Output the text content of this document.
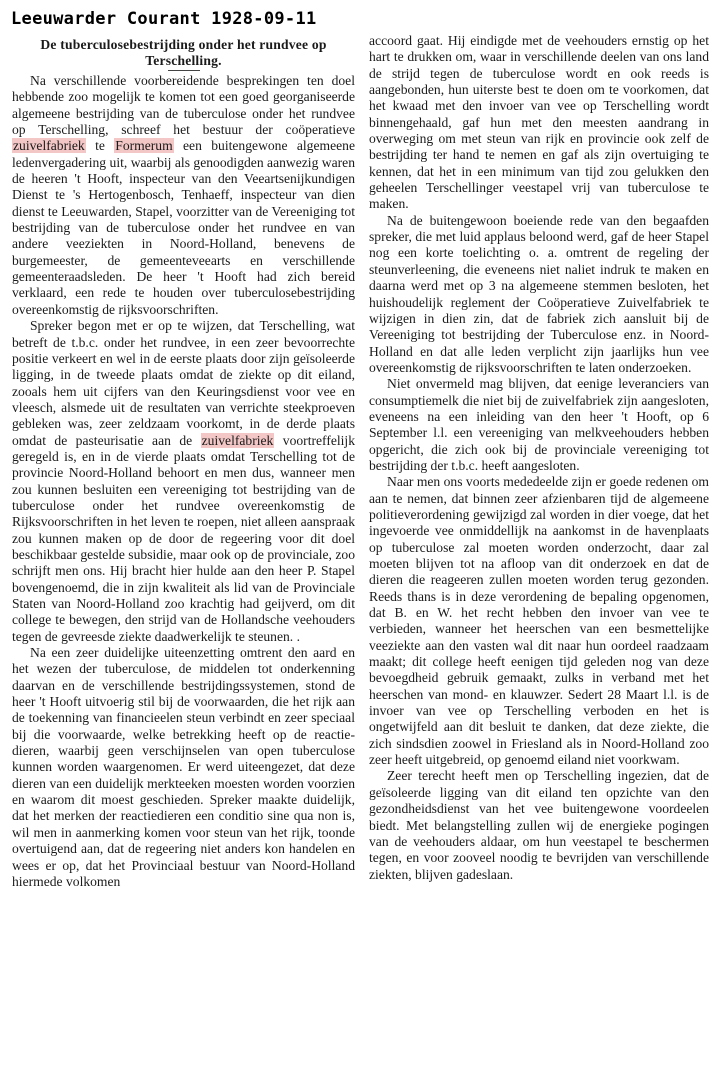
Leeuwarder Courant 1928-09-11
De tuberculosebestrijding onder het rundvee op Terschelling.

Na verschillende voorbereidende besprekingen ten doel hebbende zoo mogelijk te komen tot een goed georganiseerde algemeene bestrijding van de tuberculose onder het rundvee op Terschelling, schreef het bestuur der coöperatieve zuivelfabriek te Formerum een buitengewone algemeene ledenvergadering uit, waarbij als genoodigden aanwezig waren de heeren 't Hooft, inspecteur van den Veeartsenijkundigen Dienst te 's Hertogenbosch, Tenhaeff, inspecteur van dien dienst te Leeuwarden, Stapel, voorzitter van de Vereeniging tot bestrijding van de tuberculose onder het rundvee en van andere veeziekten in Noord-Holland, benevens de burgemeester, de gemeenteveearts en verschillende gemeenteraadsleden. De heer 't Hooft had zich bereid verklaard, een rede te houden over tuberculosebestrijding overeenkomstig de rijksvoorschriften.

Spreker begon met er op te wijzen, dat Terschelling, wat betreft de t.b.c. onder het rundvee, in een zeer bevoorrechte positie verkeert en wel in de eerste plaats door zijn geïsoleerde ligging, in de tweede plaats omdat de ziekte op dit eiland, zooals hem uit cijfers van den Keuringsdienst voor vee en vleesch, alsmede uit de resultaten van verrichte steekproeven gebleken was, zeer zeldzaam voorkomt, in de derde plaats omdat de pasteurisatie aan de zuivelfabriek voortreffelijk geregeld is, en in de vierde plaats omdat Terschelling tot de provincie Noord-Holland behoort en men dus, wanneer men zou kunnen besluiten een vereeniging tot bestrijding van de tuberculose onder het rundvee overeenkomstig de Rijksvoorschriften in het leven te roepen, niet alleen aanspraak zou kunnen maken op de door de regeering voor dit doel beschikbaar gestelde subsidie, maar ook op de provinciale, zoo schrijft men ons. Hij bracht hier hulde aan den heer P. Stapel bovengenoemd, die in zijn kwaliteit als lid van de Provinciale Staten van Noord-Holland zoo krachtig had geijverd, om dit college te bewegen, den strijd van de Hollandsche veehouders tegen de gevreesde ziekte daadwerkelijk te steunen. .

Na een zeer duidelijke uiteenzetting omtrent den aard en het wezen der tuberculose, de middelen tot onderkenning daarvan en de verschillende bestrijdingssystemen, stond de heer 't Hooft uitvoerig stil bij de voorwaarden, die het rijk aan de toekenning van financieelen steun verbindt en zeer speciaal bij die voorwaarde, welke betrekking heeft op de reactie-dieren, waarbij geen verschijnselen van open tuberculose kunnen worden waargenomen. Er werd uiteengezet, dat deze dieren van een duidelijk merkteeken moesten worden voorzien en waarom dit moest geschieden. Spreker maakte duidelijk, dat het merken der reactiedieren een conditio sine qua non is, wil men in aanmerking komen voor steun van het rijk, toonde overtuigend aan, dat de regeering niet anders kon handelen en wees er op, dat het Provinciaal bestuur van Noord-Holland hiermede volkomen

accoord gaat. Hij eindigde met de veehouders ernstig op het hart te drukken om, waar in verschillende deelen van ons land de strijd tegen de tuberculose wordt en ook reeds is aangebonden, hun uiterste best te doen om te voorkomen, dat het kwaad met den invoer van vee op Terschelling wordt binnengehaald, gaf hun met den meesten aandrang in overweging om met steun van rijk en provincie ook zelf de bestrijding ter hand te nemen en gaf als zijn overtuiging te kennen, dat het in een minimum van tijd zou gelukken den geheelen Terschellinger veestapel vrij van tuberculose te maken.

Na de buitengewoon boeiende rede van den begaafden spreker, die met luid applaus beloond werd, gaf de heer Stapel nog een korte toelichting o. a. omtrent de regeling der steunverleening, die eveneens niet naliet indruk te maken en daarna werd met op 3 na algemeene stemmen besloten, het huishoudelijk reglement der Coöperatieve Zuivelfabriek te wijzigen in dien zin, dat de fabriek zich aansluit bij de Vereeniging tot bestrijding der Tuberculose enz. in Noord-Holland en dat alle leden verplicht zijn jaarlijks hun vee overeenkomstig de rijksvoorschriften te laten onderzoeken.

Niet onvermeld mag blijven, dat eenige leveranciers van consumptiemelk die niet bij de zuivelfabriek zijn aangesloten, eveneens na een inleiding van den heer 't Hooft, op 6 September l.l. een vereeniging van melkveehouders hebben opgericht, die zich ook bij de provinciale vereeniging tot bestrijding der t.b.c. heeft aangesloten.

Naar men ons voorts mededeelde zijn er goede redenen om aan te nemen, dat binnen zeer afzienbaren tijd de algemeene politieverordening gewijzigd zal worden in dier voege, dat het ingevoerde vee onmiddellijk na aankomst in de havenplaats op tuberculose zal moeten worden onderzocht, daar zal moeten blijven tot na afloop van dit onderzoek en dat de dieren die reageeren zullen moeten worden terug gezonden. Reeds thans is in deze verordening de bepaling opgenomen, dat B. en W. het recht hebben den invoer van vee te verbieden, wanneer het heerschen van een besmettelijke veeziekte aan den vasten wal dit naar hun oordeel raadzaam maakt; dit college heeft eenigen tijd geleden nog van deze bevoegdheid gebruik gemaakt, zulks in verband met het heerschen van mond- en klauwzer. Sedert 28 Maart l.l. is de invoer van vee op Terschelling verboden en het is ongetwijfeld aan dit besluit te danken, dat deze ziekte, die zich sindsdien zoowel in Friesland als in Noord-Holland zoo zeer heeft uitgebreid, op genoemd eiland niet voorkwam.

Zeer terecht heeft men op Terschelling ingezien, dat de geïsoleerde ligging van dit eiland ten opzichte van den gezondheidsdienst van het vee buitengewone voordeelen biedt. Met belangstelling zullen wij de energieke pogingen van de veehouders aldaar, om hun veestapel te beschermen tegen, en voor zooveel noodig te bevrijden van verschillende ziekten, blijven gadeslaan.
